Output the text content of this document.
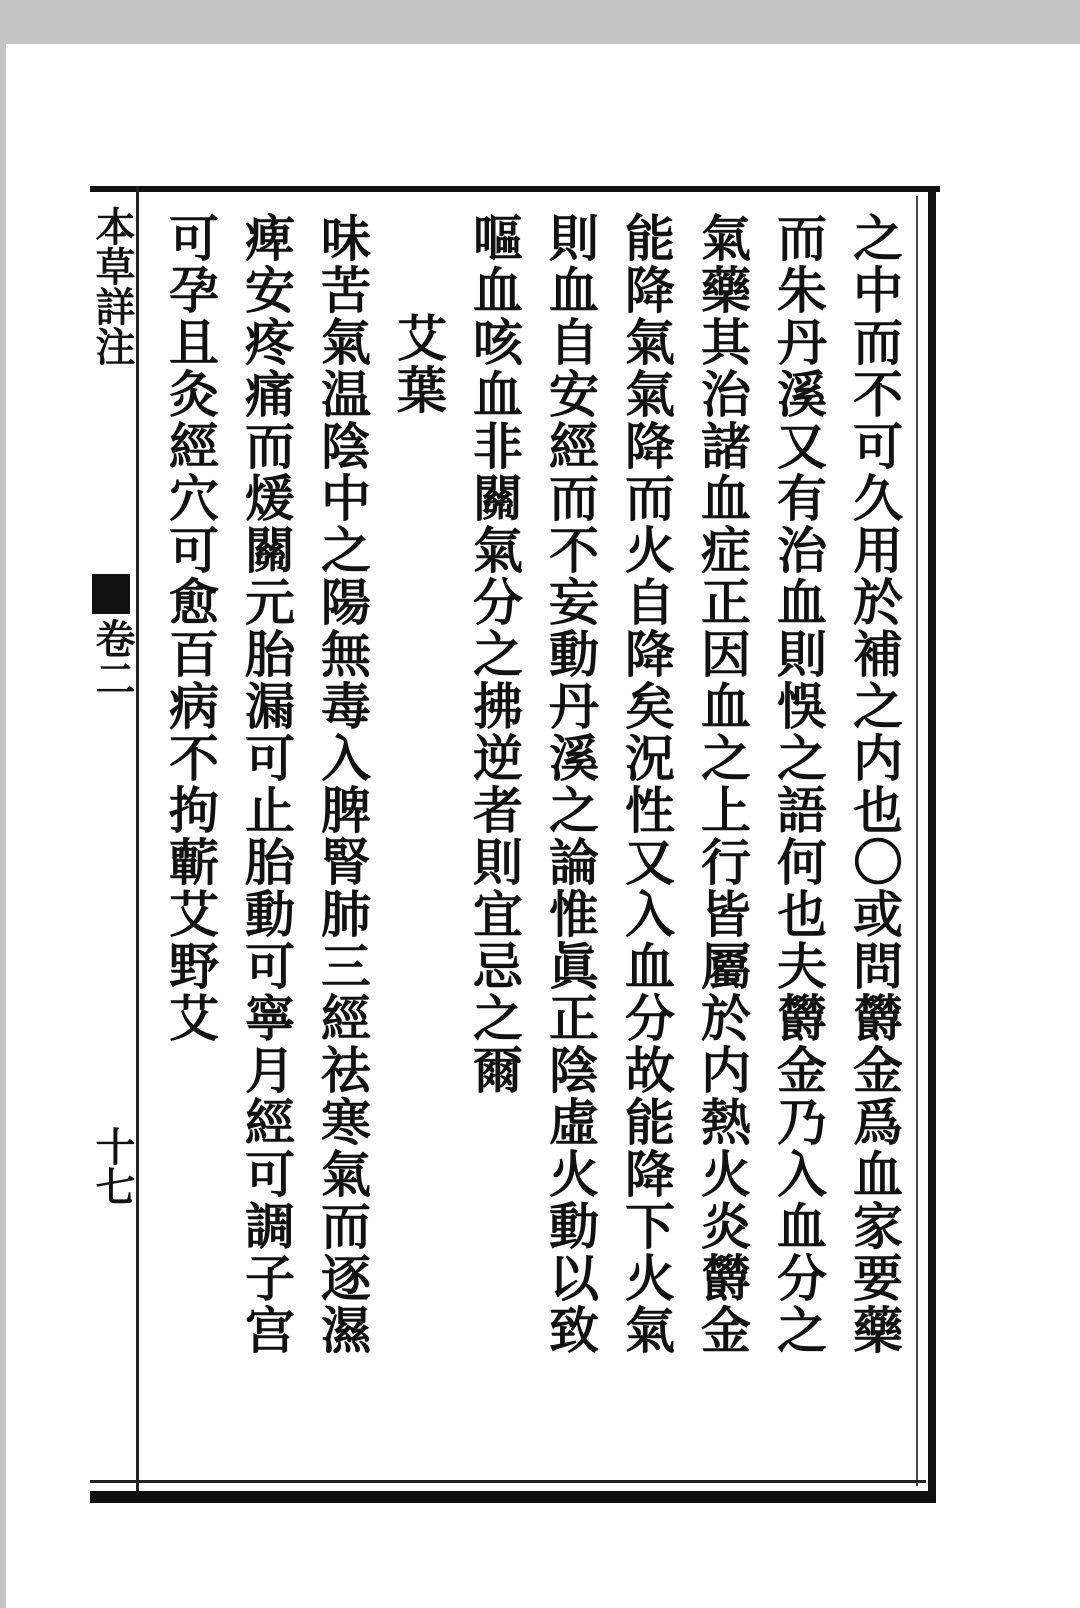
本草詳注
卷二
十七	之中而不可久用於補之内也〇或問欝金爲血家要藥
而朱丹溪又有治血則悞之語何也夫欝金乃入血分之
氣藥其治諸血症正因血之上行皆屬於内熱火炎欝金
能降氣氣降而火自降矣況性又入血分故能降下火氣
則血自安經而不妄動丹溪之論惟眞正陰虛火動以致
嘔血咳血非關氣分之拂逆者則宜忌之爾
艾葉
味苦氣温陰中之陽無毒入脾腎肺三經祛寒氣而逐濕
痺安疼痛而煖關元胎漏可止胎動可寧月經可調子宫
可孕且灸經穴可愈百病不拘蘄艾野艾
